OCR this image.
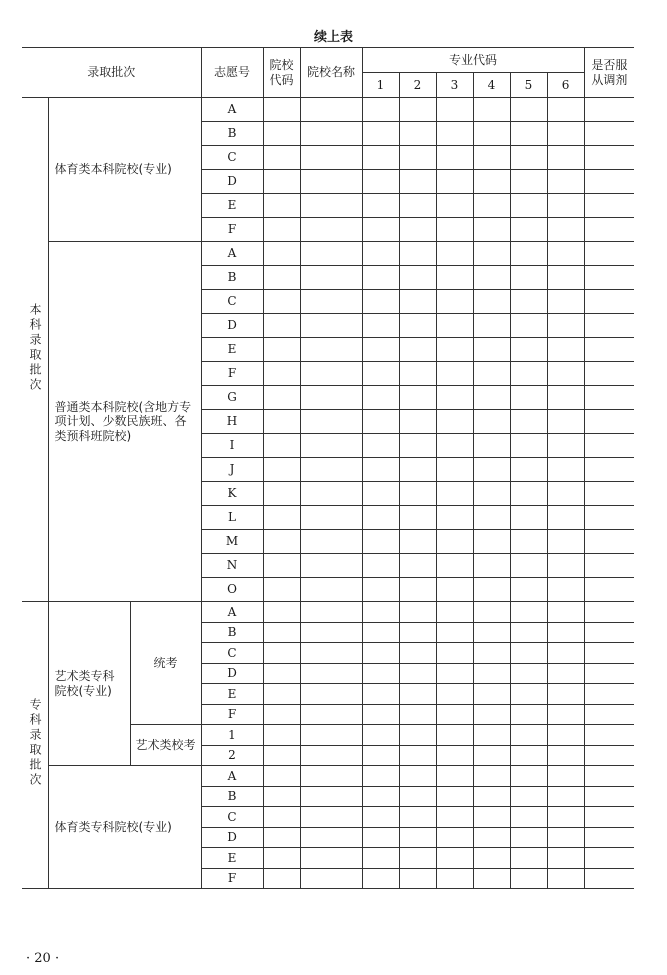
续上表
录取批次			志愿号	院校代码	院校名称	专业代码						是否服从调剂
						1	2	3	4	5	6	
本科录取批次	体育类本科院校(专业)		A									
			B									
			C									
			D									
			E									
			F									
	普通类本科院校(含地方专项计划、少数民族班、各类预科班院校)		A									
			B									
			C									
			D									
			E									
			F									
			G									
			H									
			I									
			J									
			K									
			L									
			M									
			N									
			O									
专科录取批次	艺术类专科院校(专业)	统考	A									
			B									
			C									
			D									
			E									
			F									
		艺术类校考	1									
			2									
	体育类专科院校(专业)		A									
			B									
			C									
			D									
			E									
			F									
· 20 ·
